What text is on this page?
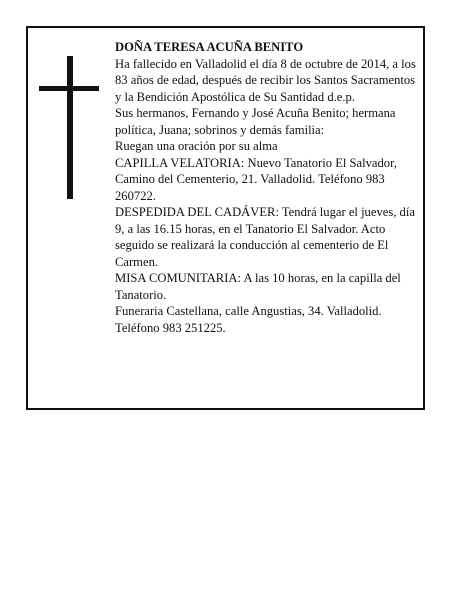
DOÑA TERESA ACUÑA BENITO

Ha fallecido en Valladolid el día 8 de octubre de 2014, a los 83 años de edad, después de recibir los Santos Sacramentos y la Bendición Apostólica de Su Santidad d.e.p.

Sus hermanos, Fernando y José Acuña Benito; hermana política, Juana; sobrinos y demás familia:

Ruegan una oración por su alma

CAPILLA VELATORIA: Nuevo Tanatorio El Salvador, Camino del Cementerio, 21. Valladolid. Teléfono 983 260722.

DESPEDIDA DEL CADÁVER: Tendrá lugar el jueves, día 9, a las 16.15 horas, en el Tanatorio El Salvador. Acto seguido se realizará la conducción al cementerio de El Carmen.

MISA COMUNITARIA: A las 10 horas, en la capilla del Tanatorio.

Funeraria Castellana, calle Angustias, 34. Valladolid. Teléfono 983 251225.
